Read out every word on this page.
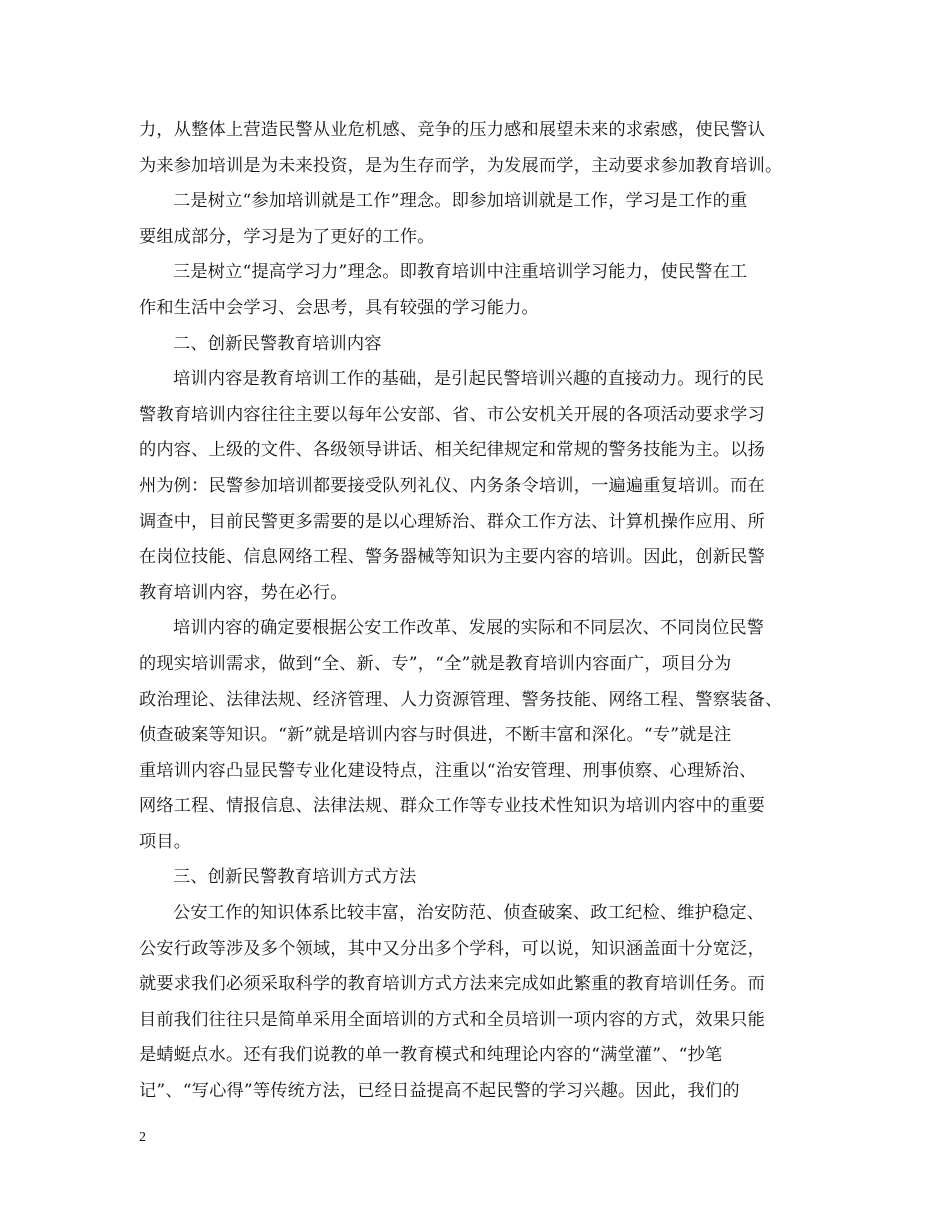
力，从整体上营造民警从业危机感、竞争的压力感和展望未来的求索感，使民警认
为来参加培训是为未来投资，是为生存而学，为发展而学，主动要求参加教育培训。
二是树立“参加培训就是工作”理念。即参加培训就是工作，学习是工作的重
要组成部分，学习是为了更好的工作。
三是树立“提高学习力”理念。即教育培训中注重培训学习能力，使民警在工
作和生活中会学习、会思考，具有较强的学习能力。
二、创新民警教育培训内容
培训内容是教育培训工作的基础，是引起民警培训兴趣的直接动力。现行的民
警教育培训内容往往主要以每年公安部、省、市公安机关开展的各项活动要求学习
的内容、上级的文件、各级领导讲话、相关纪律规定和常规的警务技能为主。以扬
州为例：民警参加培训都要接受队列礼仪、内务条令培训，一遍遍重复培训。而在
调查中，目前民警更多需要的是以心理矫治、群众工作方法、计算机操作应用、所
在岗位技能、信息网络工程、警务器械等知识为主要内容的培训。因此，创新民警
教育培训内容，势在必行。
培训内容的确定要根据公安工作改革、发展的实际和不同层次、不同岗位民警
的现实培训需求，做到“全、新、专”，“全”就是教育培训内容面广，项目分为
政治理论、法律法规、经济管理、人力资源管理、警务技能、网络工程、警察装备、
侦查破案等知识。“新”就是培训内容与时俱进，不断丰富和深化。“专”就是注
重培训内容凸显民警专业化建设特点，注重以“治安管理、刑事侦察、心理矫治、
网络工程、情报信息、法律法规、群众工作等专业技术性知识为培训内容中的重要
项目。
三、创新民警教育培训方式方法
公安工作的知识体系比较丰富，治安防范、侦查破案、政工纪检、维护稳定、
公安行政等涉及多个领域，其中又分出多个学科，可以说，知识涵盖面十分宽泛，
就要求我们必须采取科学的教育培训方式方法来完成如此繁重的教育培训任务。而
目前我们往往只是简单采用全面培训的方式和全员培训一项内容的方式，效果只能
是蜻蜓点水。还有我们说教的单一教育模式和纯理论内容的“满堂灌”、“抄笔
记”、“写心得”等传统方法，已经日益提高不起民警的学习兴趣。因此，我们的
2
